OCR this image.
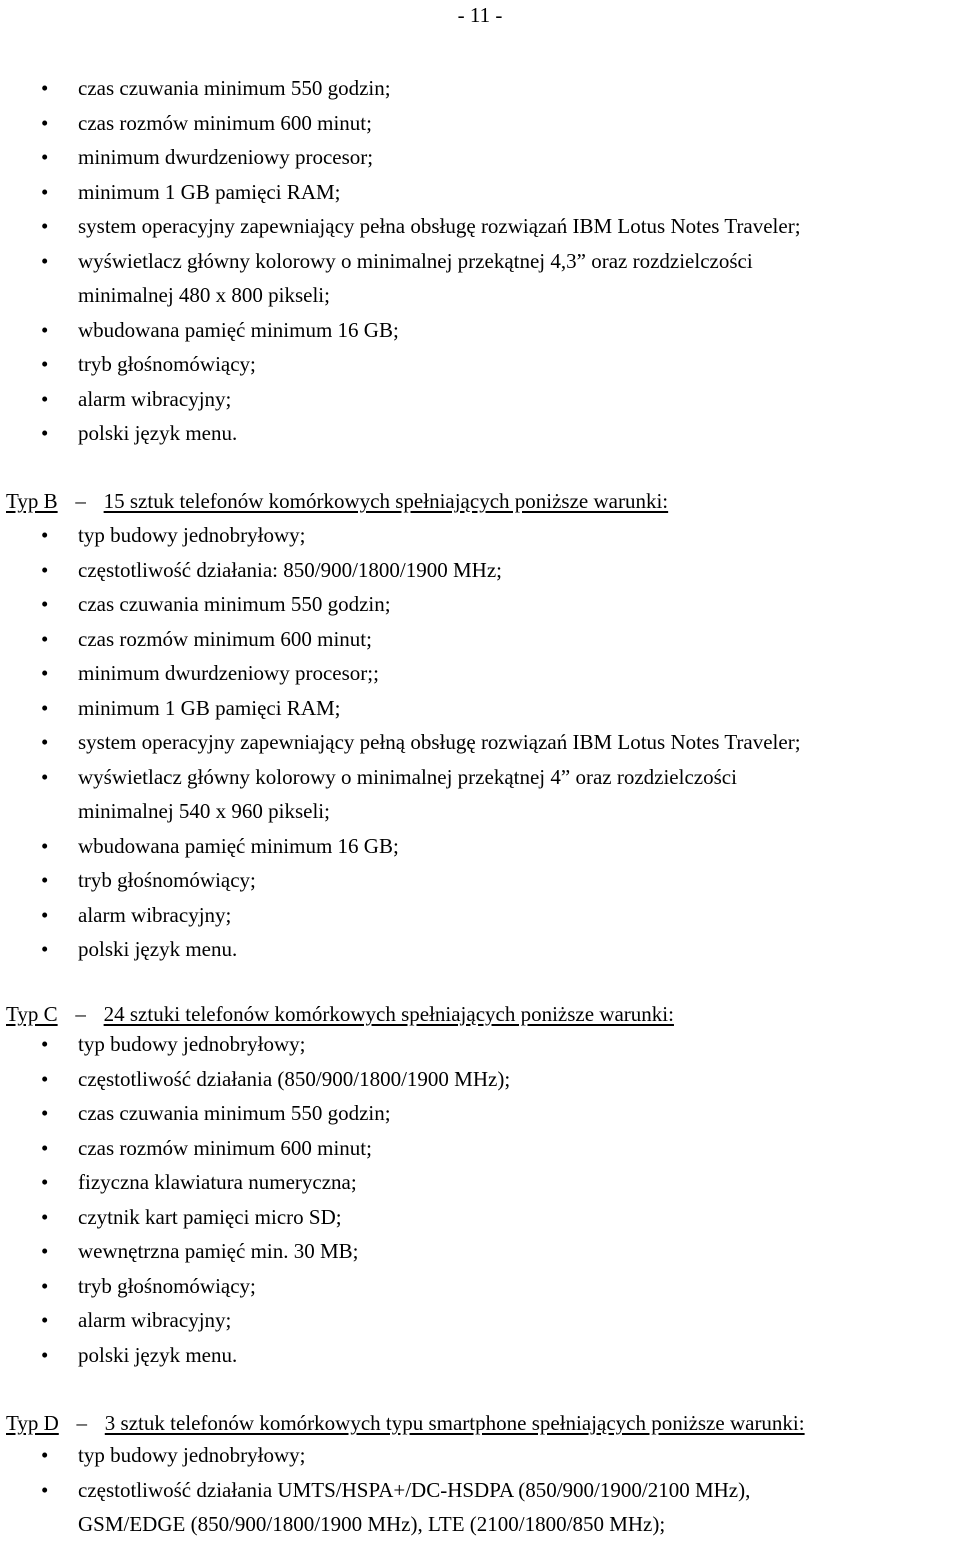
- 11 -
• czas czuwania minimum 550 godzin;
• czas rozmów minimum 600 minut;
• minimum dwurdzeniowy procesor;
• minimum 1 GB pamięci RAM;
• system operacyjny zapewniający pełna obsługę rozwiązań IBM Lotus Notes Traveler;
• wyświetlacz główny kolorowy o minimalnej przekątnej 4,3” oraz rozdzielczości
minimalnej 480 x 800 pikseli;
• wbudowana pamięć minimum 16 GB;
• tryb głośnomówiący;
• alarm wibracyjny;
• polski język menu.
Typ B – 15 sztuk telefonów komórkowych spełniających poniższe warunki:
• typ budowy jednobryłowy;
• częstotliwość działania: 850/900/1800/1900 MHz;
• czas czuwania minimum 550 godzin;
• czas rozmów minimum 600 minut;
• minimum dwurdzeniowy procesor;;
• minimum 1 GB pamięci RAM;
• system operacyjny zapewniający pełną obsługę rozwiązań IBM Lotus Notes Traveler;
• wyświetlacz główny kolorowy o minimalnej przekątnej 4” oraz rozdzielczości
minimalnej 540 x 960 pikseli;
• wbudowana pamięć minimum 16 GB;
• tryb głośnomówiący;
• alarm wibracyjny;
• polski język menu.
Typ C – 24 sztuki telefonów komórkowych spełniających poniższe warunki:
• typ budowy jednobryłowy;
• częstotliwość działania (850/900/1800/1900 MHz);
• czas czuwania minimum 550 godzin;
• czas rozmów minimum 600 minut;
• fizyczna klawiatura numeryczna;
• czytnik kart pamięci micro SD;
• wewnętrzna pamięć min. 30 MB;
• tryb głośnomówiący;
• alarm wibracyjny;
• polski język menu.
Typ D – 3 sztuk telefonów komórkowych typu smartphone spełniających poniższe warunki:
• typ budowy jednobryłowy;
• częstotliwość działania UMTS/HSPA+/DC-HSDPA (850/900/1900/2100 MHz),
GSM/EDGE (850/900/1800/1900 MHz), LTE (2100/1800/850 MHz);
